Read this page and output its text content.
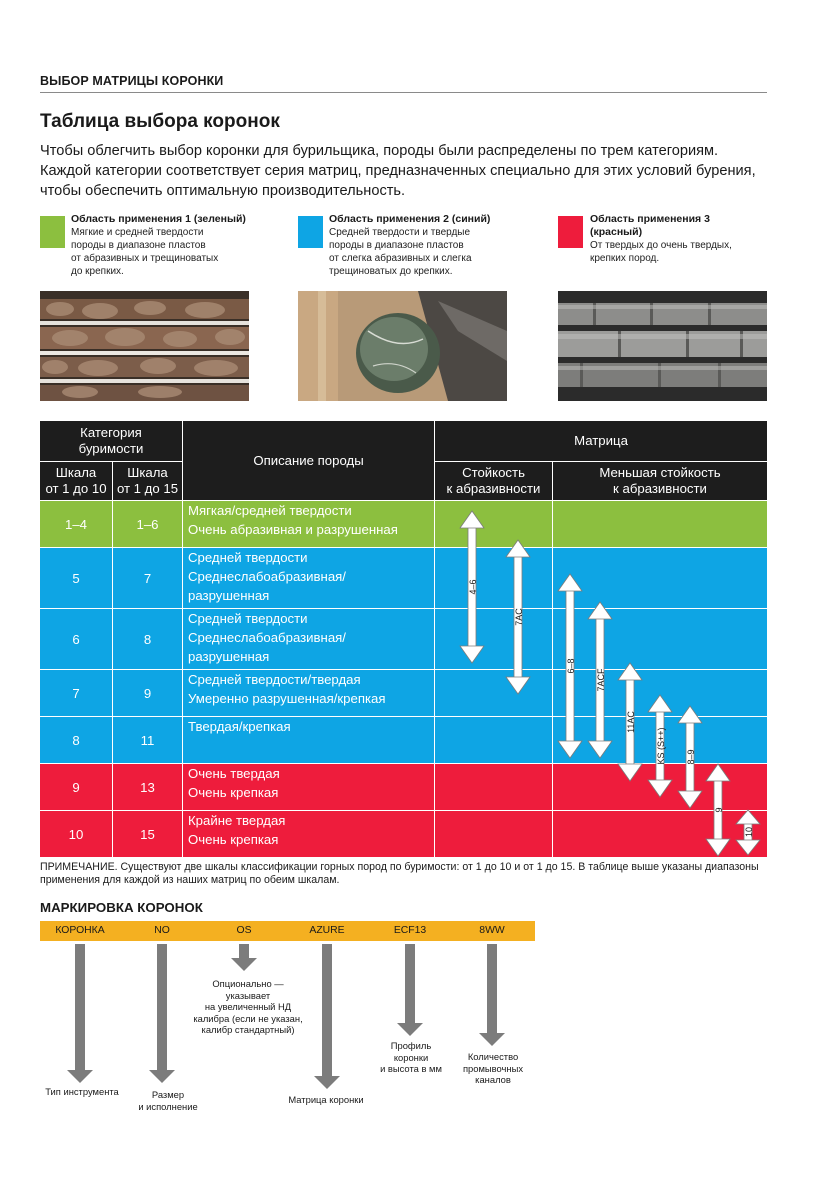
ВЫБОР МАТРИЦЫ КОРОНКИ
Таблица выбора коронок
Чтобы облегчить выбор коронки для бурильщика, породы были распределены по трем категориям. Каждой категории соответствует серия матриц, предназначенных специально для этих условий бурения, чтобы обеспечить оптимальную производительность.
Область применения 1 (зеленый)
Мягкие и средней твердости
породы в диапазоне пластов
от абразивных и трещиноватых
до крепких.
Область применения 2 (синий)
Средней твердости и твердые
породы в диапазоне пластов
от слегка абразивных и слегка
трещиноватых до крепких.
Область применения 3
(красный)
От твердых до очень твердых,
крепких пород.
Категория
буримости
Шкала
от 1 до 10
Шкала
от 1 до 15
Описание породы
Матрица
Стойкость
к абразивности
Меньшая стойкость
к абразивности
1–4	1–6
Мягкая/средней твердости
Очень абразивная и разрушенная
5	7
Средней твердости
Среднеслабоабразивная/
разрушенная
6	8
Средней твердости
Среднеслабоабразивная/
разрушенная
7	9
Средней твердости/твердая
Умеренно разрушенная/крепкая
8	11
Твердая/крепкая
9	13
Очень твердая
Очень крепкая
10	15
Крайне твердая
Очень крепкая
4–6
7AC
6–8
7ACF
11AC
KS (S++) 8–9
9
10
ПРИМЕЧАНИЕ. Существуют две шкалы классификации горных пород по буримости: от 1 до 10 и от 1 до 15. В таблице выше указаны диапазоны применения для каждой из наших матриц по обеим шкалам.
МАРКИРОВКА КОРОНОК
КОРОНКА	NO	OS	AZURE	ECF13	8WW
Тип инструмента	Размер
и исполнение
Опционально —
указывает
на увеличенный НД
калибра (если не указан,
калибр стандартный)
Матрица коронки
Профиль
коронки
и высота в мм
Количество
промывочных
каналов
